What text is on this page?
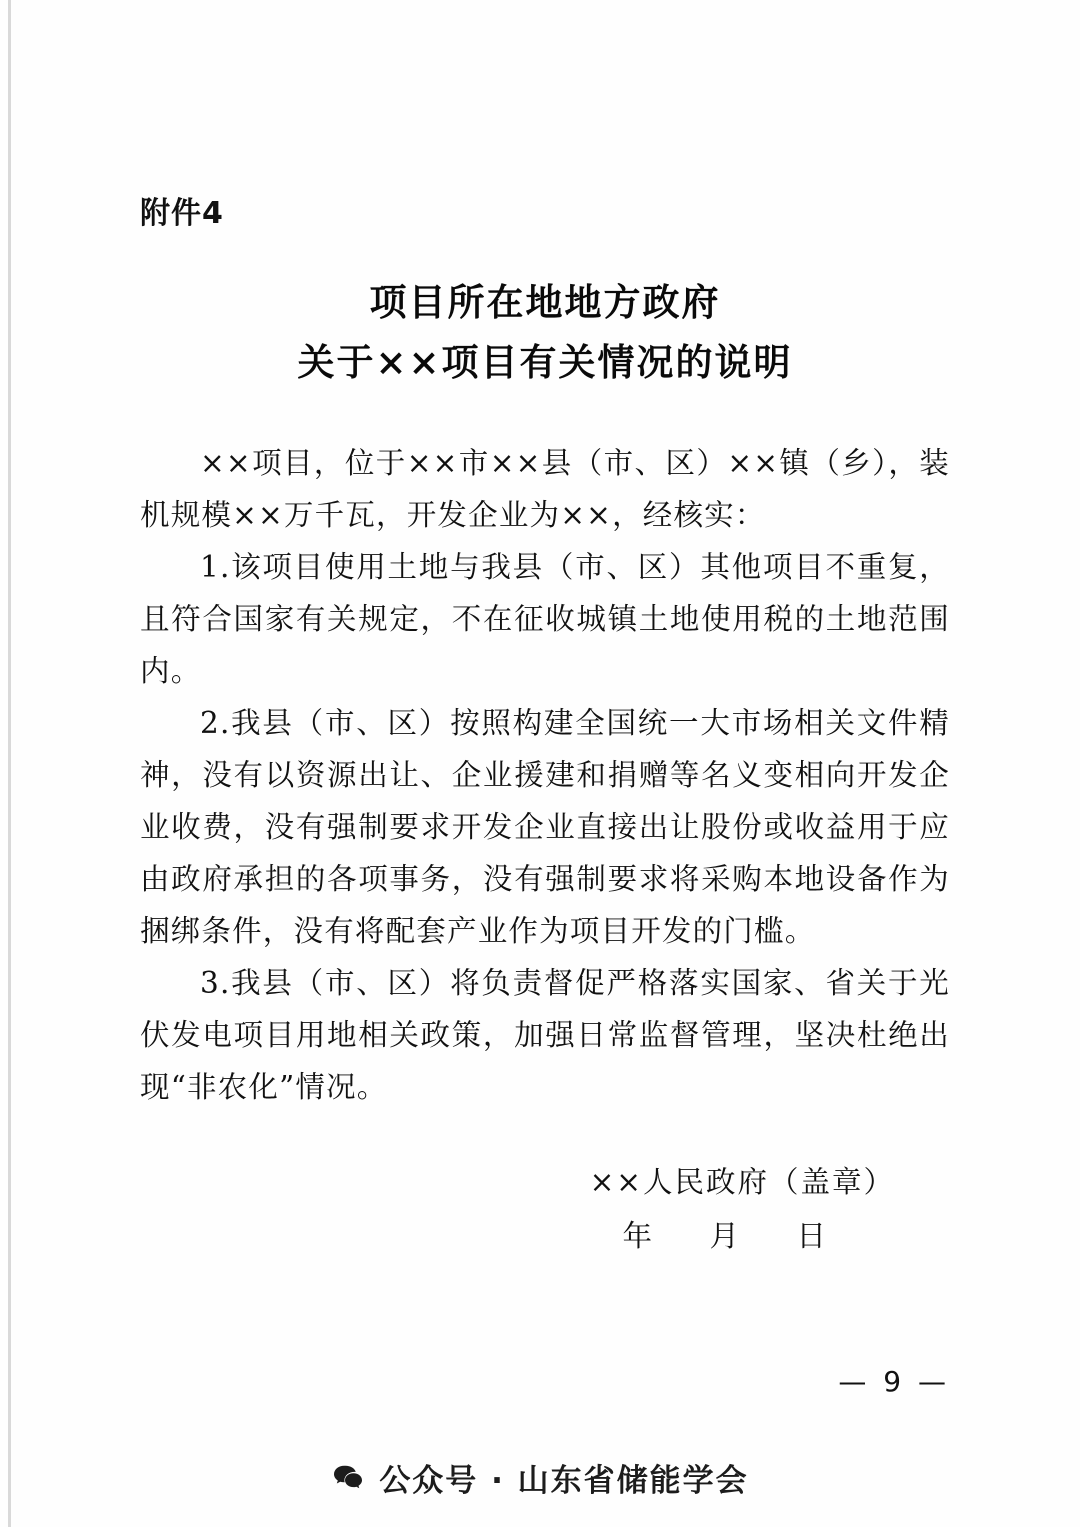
附件4
项目所在地地方政府
关于××项目有关情况的说明

××项目，位于××市××县（市、区）××镇（乡），装机规模××万千瓦，开发企业为××，经核实：

1.该项目使用土地与我县（市、区）其他项目不重复，且符合国家有关规定，不在征收城镇土地使用税的土地范围内。

2.我县（市、区）按照构建全国统一大市场相关文件精神，没有以资源出让、企业援建和捐赠等名义变相向开发企业收费，没有强制要求开发企业直接出让股份或收益用于应由政府承担的各项事务，没有强制要求将采购本地设备作为捆绑条件，没有将配套产业作为项目开发的门槛。

3.我县（市、区）将负责督促严格落实国家、省关于光伏发电项目用地相关政策，加强日常监督管理，坚决杜绝出现“非农化”情况。

××人民政府（盖章）
年　月　日
— 9 —
公众号 · 山东省储能学会
